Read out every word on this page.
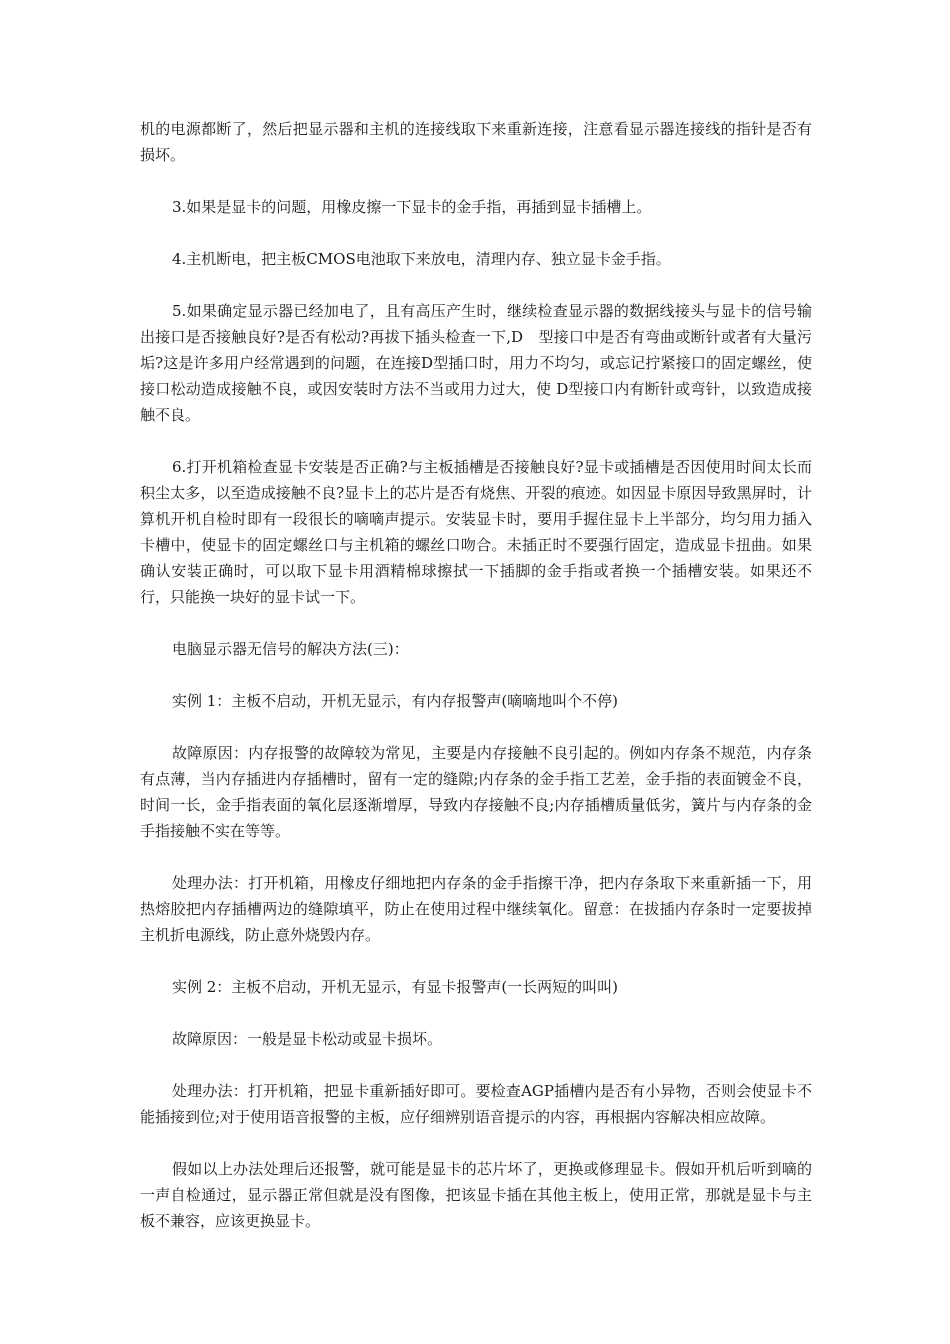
机的电源都断了，然后把显示器和主机的连接线取下来重新连接，注意看显示器连接线的指针是否有损坏。

3.如果是显卡的问题，用橡皮擦一下显卡的金手指，再插到显卡插槽上。

4.主机断电，把主板CMOS电池取下来放电，清理内存、独立显卡金手指。

5.如果确定显示器已经加电了，且有高压产生时，继续检查显示器的数据线接头与显卡的信号输出接口是否接触良好?是否有松动?再拔下插头检查一下,D　型接口中是否有弯曲或断针或者有大量污垢?这是许多用户经常遇到的问题，在连接D型插口时，用力不均匀，或忘记拧紧接口的固定螺丝，使接口松动造成接触不良，或因安装时方法不当或用力过大，使 D型接口内有断针或弯针，以致造成接触不良。

6.打开机箱检查显卡安装是否正确?与主板插槽是否接触良好?显卡或插槽是否因使用时间太长而积尘太多，以至造成接触不良?显卡上的芯片是否有烧焦、开裂的痕迹。如因显卡原因导致黑屏时，计算机开机自检时即有一段很长的嘀嘀声提示。安装显卡时，要用手握住显卡上半部分，均匀用力插入卡槽中，使显卡的固定螺丝口与主机箱的螺丝口吻合。未插正时不要强行固定，造成显卡扭曲。如果确认安装正确时，可以取下显卡用酒精棉球擦拭一下插脚的金手指或者换一个插槽安装。如果还不行，只能换一块好的显卡试一下。

电脑显示器无信号的解决方法(三)：

实例 1：主板不启动，开机无显示，有内存报警声(嘀嘀地叫个不停)

故障原因：内存报警的故障较为常见，主要是内存接触不良引起的。例如内存条不规范，内存条有点薄，当内存插进内存插槽时，留有一定的缝隙;内存条的金手指工艺差，金手指的表面镀金不良，时间一长，金手指表面的氧化层逐渐增厚，导致内存接触不良;内存插槽质量低劣，簧片与内存条的金手指接触不实在等等。

处理办法：打开机箱，用橡皮仔细地把内存条的金手指擦干净，把内存条取下来重新插一下，用热熔胶把内存插槽两边的缝隙填平，防止在使用过程中继续氧化。留意：在拔插内存条时一定要拔掉主机折电源线，防止意外烧毁内存。

实例 2：主板不启动，开机无显示，有显卡报警声(一长两短的叫叫)

故障原因：一般是显卡松动或显卡损坏。

处理办法：打开机箱，把显卡重新插好即可。要检查AGP插槽内是否有小异物，否则会使显卡不能插接到位;对于使用语音报警的主板，应仔细辨别语音提示的内容，再根据内容解决相应故障。

假如以上办法处理后还报警，就可能是显卡的芯片坏了，更换或修理显卡。假如开机后听到嘀的一声自检通过，显示器正常但就是没有图像，把该显卡插在其他主板上，使用正常，那就是显卡与主板不兼容，应该更换显卡。
